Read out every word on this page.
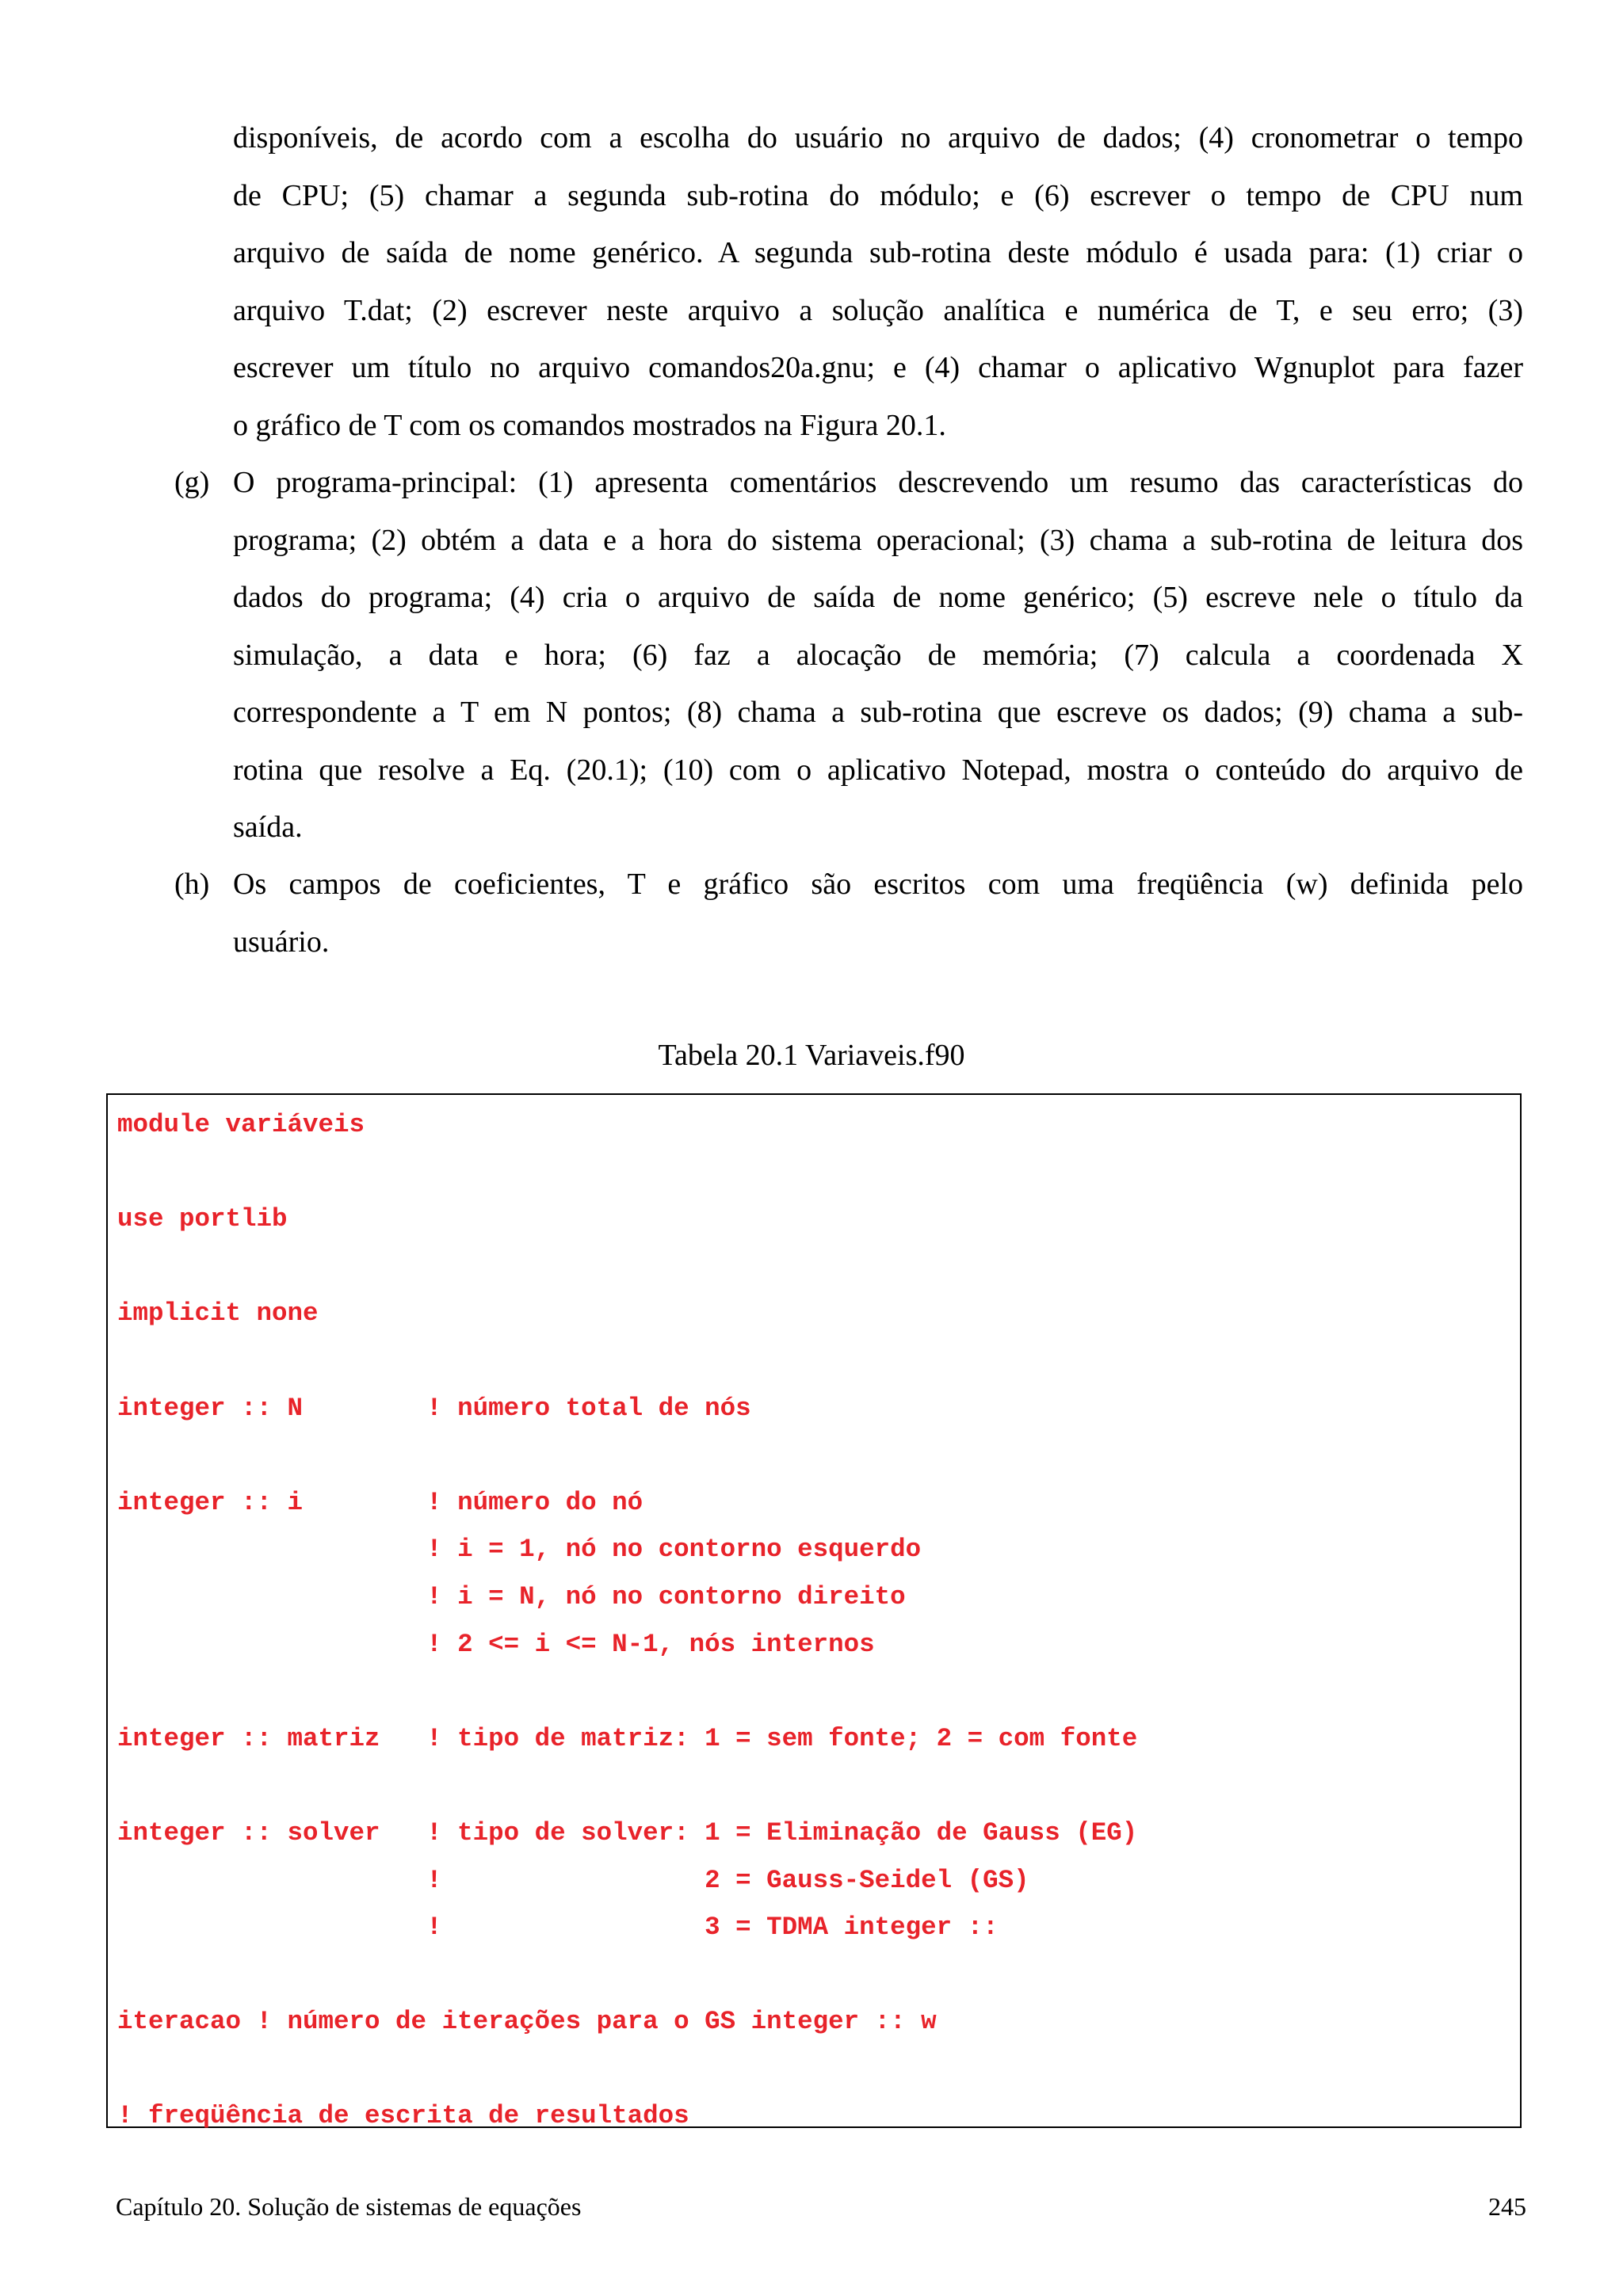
disponíveis, de acordo com a escolha do usuário no arquivo de dados; (4) cronometrar o tempo
de CPU; (5) chamar a segunda sub-rotina do módulo; e (6) escrever o tempo de CPU num
arquivo de saída de nome genérico. A segunda sub-rotina deste módulo é usada para: (1) criar o
arquivo T.dat; (2) escrever neste arquivo a solução analítica e numérica de T, e seu erro; (3)
escrever um título no arquivo comandos20a.gnu; e (4) chamar o aplicativo Wgnuplot para fazer
o gráfico de T com os comandos mostrados na Figura 20.1.
(g) O programa-principal: (1) apresenta comentários descrevendo um resumo das características do
programa; (2) obtém a data e a hora do sistema operacional; (3) chama a sub-rotina de leitura dos
dados do programa; (4) cria o arquivo de saída de nome genérico; (5) escreve nele o título da
simulação, a data e hora; (6) faz a alocação de memória; (7) calcula a coordenada X
correspondente a T em N pontos; (8) chama a sub-rotina que escreve os dados; (9) chama a sub-
rotina que resolve a Eq. (20.1); (10) com o aplicativo Notepad, mostra o conteúdo do arquivo de
saída.
(h) Os campos de coeficientes, T e gráfico são escritos com uma freqüência (w) definida pelo
usuário.
Tabela 20.1 Variaveis.f90
module variáveis
use portlib
implicit none
integer :: N        ! número total de nós
integer :: i        ! número do nó
! i = 1, nó no contorno esquerdo
! i = N, nó no contorno direito
! 2 <= i <= N-1, nós internos
integer :: matriz   ! tipo de matriz: 1 = sem fonte; 2 = com fonte
integer :: solver   ! tipo de solver: 1 = Eliminação de Gauss (EG)
!                 2 = Gauss-Seidel (GS)
!                 3 = TDMA integer ::
iteracao ! número de iterações para o GS integer :: w
! freqüência de escrita de resultados
Capítulo 20. Solução de sistemas de equações	245
